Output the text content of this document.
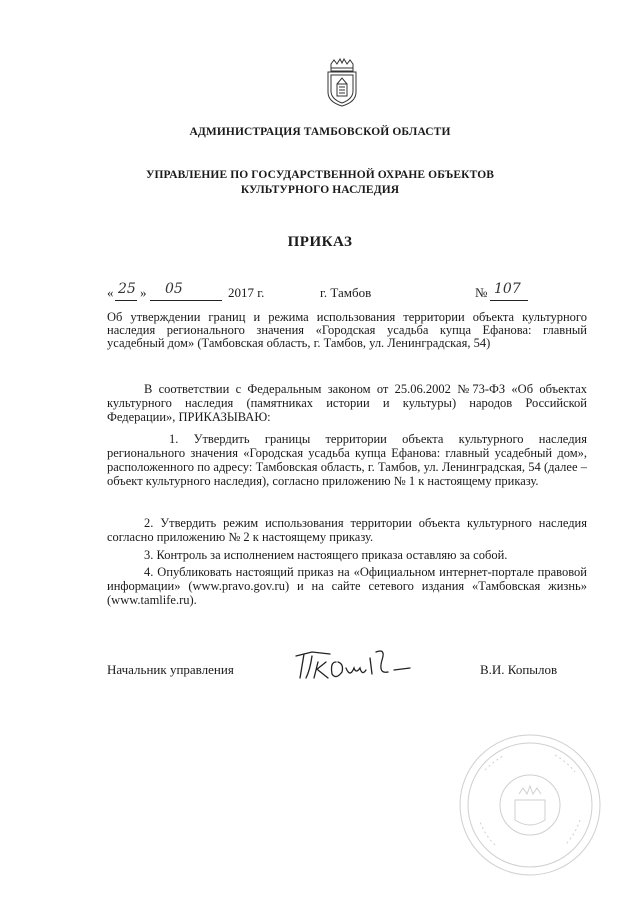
АДМИНИСТРАЦИЯ ТАМБОВСКОЙ ОБЛАСТИ
УПРАВЛЕНИЕ ПО ГОСУДАРСТВЕННОЙ ОХРАНЕ ОБЪЕКТОВ
КУЛЬТУРНОГО НАСЛЕДИЯ
ПРИКАЗ
« 25 » 05	2017 г.	г. Тамбов	№ 107
Об утверждении границ и режима использования территории объекта культурного наследия регионального значения «Городская усадьба купца Ефанова: главный усадебный дом» (Тамбовская область, г. Тамбов, ул. Ленинградская, 54)
В соответствии с Федеральным законом от 25.06.2002 №73-ФЗ «Об объектах культурного наследия (памятниках истории и культуры) народов Российской Федерации», ПРИКАЗЫВАЮ:
1. Утвердить границы территории объекта культурного наследия регионального значения «Городская усадьба купца Ефанова: главный усадебный дом», расположенного по адресу: Тамбовская область, г. Тамбов, ул. Ленинградская, 54 (далее – объект культурного наследия), согласно приложению № 1 к настоящему приказу.
2. Утвердить режим использования территории объекта культурного наследия согласно приложению № 2 к настоящему приказу.
3. Контроль за исполнением настоящего приказа оставляю за собой.
4. Опубликовать настоящий приказ на «Официальном интернет-портале правовой информации» (www.pravo.gov.ru) и на сайте сетевого издания «Тамбовская жизнь» (www.tamlife.ru).
Начальник управления	В.И. Копылов
